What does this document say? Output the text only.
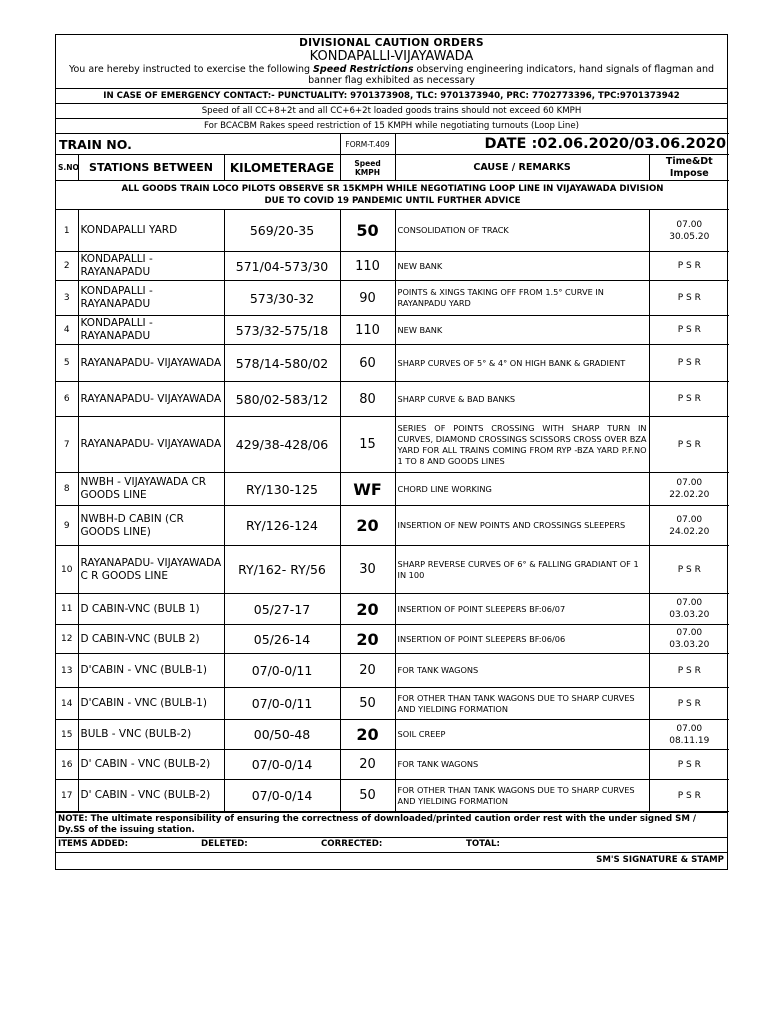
DIVISIONAL CAUTION ORDERS
KONDAPALLI-VIJAYAWADA
You are hereby instructed to exercise the following Speed Restrictions observing engineering indicators, hand signals of flagman and banner flag exhibited as necessary
IN CASE OF EMERGENCY CONTACT:- PUNCTUALITY: 9701373908, TLC: 9701373940, PRC: 7702773396, TPC:9701373942
Speed of all CC+8+2t and all CC+6+2t loaded goods trains should not exceed 60 KMPH
For BCACBM Rakes speed restriction of 15 KMPH while negotiating turnouts (Loop Line)
TRAIN NO.			FORM-T.409	DATE :02.06.2020/03.06.2020	
S.NO	STATIONS BETWEEN	KILOMETERAGE	Speed KMPH	CAUSE / REMARKS	Time&Dt Impose
ALL GOODS TRAIN LOCO PILOTS OBSERVE SR 15KMPH WHILE NEGOTIATING LOOP LINE IN VIJAYAWADA DIVISION DUE TO COVID 19 PANDEMIC UNTIL FURTHER ADVICE					
1	KONDAPALLI YARD	569/20-35	50	CONSOLIDATION OF TRACK	07.00
30.05.20
2	KONDAPALLI - RAYANAPADU	571/04-573/30	110	NEW BANK	P S R
3	KONDAPALLI - RAYANAPADU	573/30-32	90	POINTS & XINGS TAKING OFF FROM 1.5° CURVE IN RAYANPADU YARD	P S R
4	KONDAPALLI - RAYANAPADU	573/32-575/18	110	NEW BANK	P S R
5	RAYANAPADU- VIJAYAWADA	578/14-580/02	60	SHARP CURVES OF 5° & 4° ON HIGH BANK & GRADIENT	P S R
6	RAYANAPADU- VIJAYAWADA	580/02-583/12	80	SHARP CURVE & BAD BANKS	P S R
7	RAYANAPADU- VIJAYAWADA	429/38-428/06	15	SERIES OF POINTS CROSSING WITH SHARP TURN IN CURVES, DIAMOND CROSSINGS SCISSORS CROSS OVER BZA YARD FOR ALL TRAINS COMING FROM RYP -BZA YARD P.F.NO 1 TO 8 AND GOODS LINES	P S R
8	NWBH - VIJAYAWADA CR GOODS LINE	RY/130-125	WF	CHORD LINE WORKING	07.00
22.02.20
9	NWBH-D CABIN (CR GOODS LINE)	RY/126-124	20	INSERTION OF NEW POINTS AND CROSSINGS SLEEPERS	07.00
24.02.20
10	RAYANAPADU- VIJAYAWADA C R GOODS LINE	RY/162- RY/56	30	SHARP REVERSE CURVES OF 6° & FALLING GRADIANT OF 1 IN 100	P S R
11	D CABIN-VNC (BULB 1)	05/27-17	20	INSERTION OF POINT SLEEPERS BF:06/07	07.00
03.03.20
12	D CABIN-VNC (BULB 2)	05/26-14	20	INSERTION OF POINT SLEEPERS BF:06/06	07.00
03.03.20
13	D'CABIN - VNC (BULB-1)	07/0-0/11	20	FOR TANK WAGONS	P S R
14	D'CABIN - VNC (BULB-1)	07/0-0/11	50	FOR OTHER THAN TANK WAGONS DUE TO SHARP CURVES AND YIELDING FORMATION	P S R
15	BULB - VNC (BULB-2)	00/50-48	20	SOIL CREEP	07.00
08.11.19
16	D' CABIN - VNC (BULB-2)	07/0-0/14	20	FOR TANK WAGONS	P S R
17	D' CABIN - VNC (BULB-2)	07/0-0/14	50	FOR OTHER THAN TANK WAGONS DUE TO SHARP CURVES AND YIELDING FORMATION	P S R
NOTE: The ultimate responsibility of ensuring the correctness of downloaded/printed caution order rest with the under signed SM / Dy.SS of the issuing station.
ITEMS ADDED:	DELETED:	CORRECTED:	TOTAL:
SM'S SIGNATURE & STAMP
